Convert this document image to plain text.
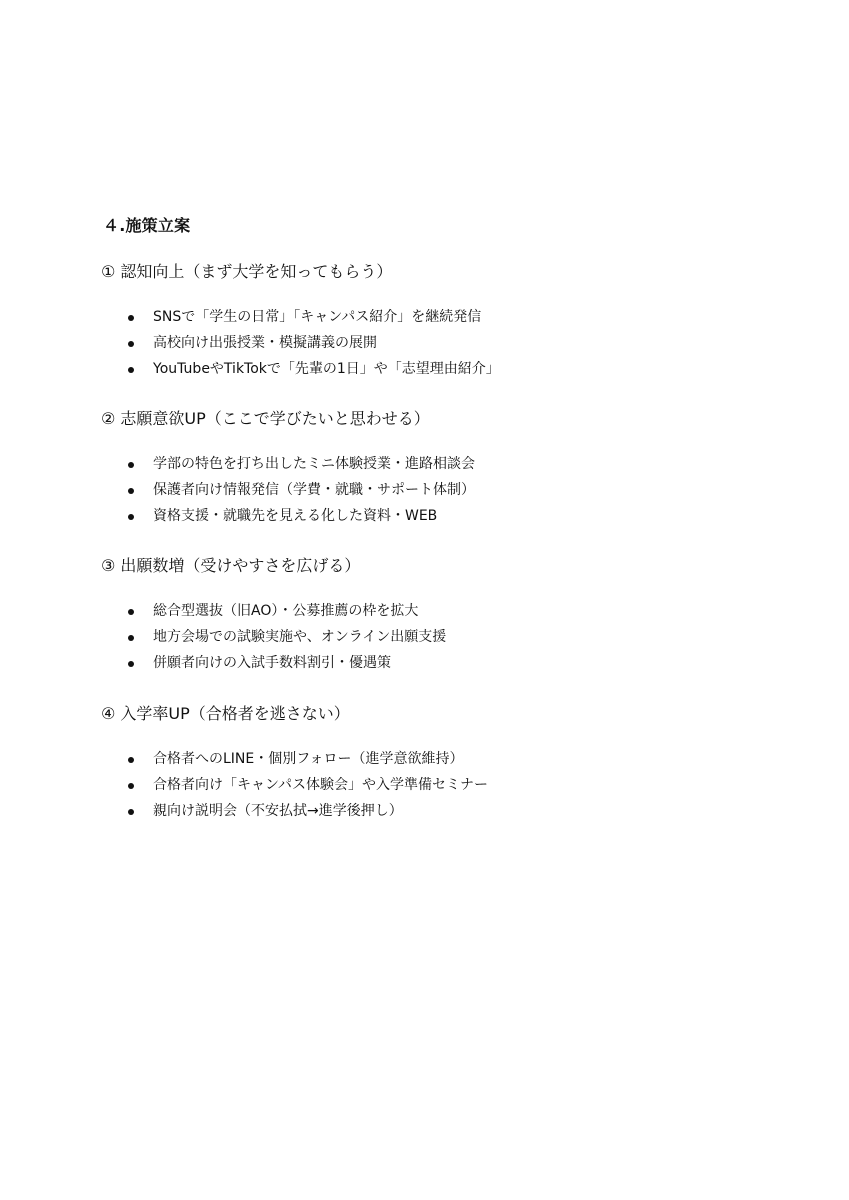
４.施策立案
① 認知向上（まず大学を知ってもらう）
SNSで「学生の日常」「キャンパス紹介」を継続発信
高校向け出張授業・模擬講義の展開
YouTubeやTikTokで「先輩の1日」や「志望理由紹介」
② 志願意欲UP（ここで学びたいと思わせる）
学部の特色を打ち出したミニ体験授業・進路相談会
保護者向け情報発信（学費・就職・サポート体制）
資格支援・就職先を見える化した資料・WEB
③ 出願数増（受けやすさを広げる）
総合型選抜（旧AO）・公募推薦の枠を拡大
地方会場での試験実施や、オンライン出願支援
併願者向けの入試手数料割引・優遇策
④ 入学率UP（合格者を逃さない）
合格者へのLINE・個別フォロー（進学意欲維持）
合格者向け「キャンパス体験会」や入学準備セミナー
親向け説明会（不安払拭→進学後押し）
